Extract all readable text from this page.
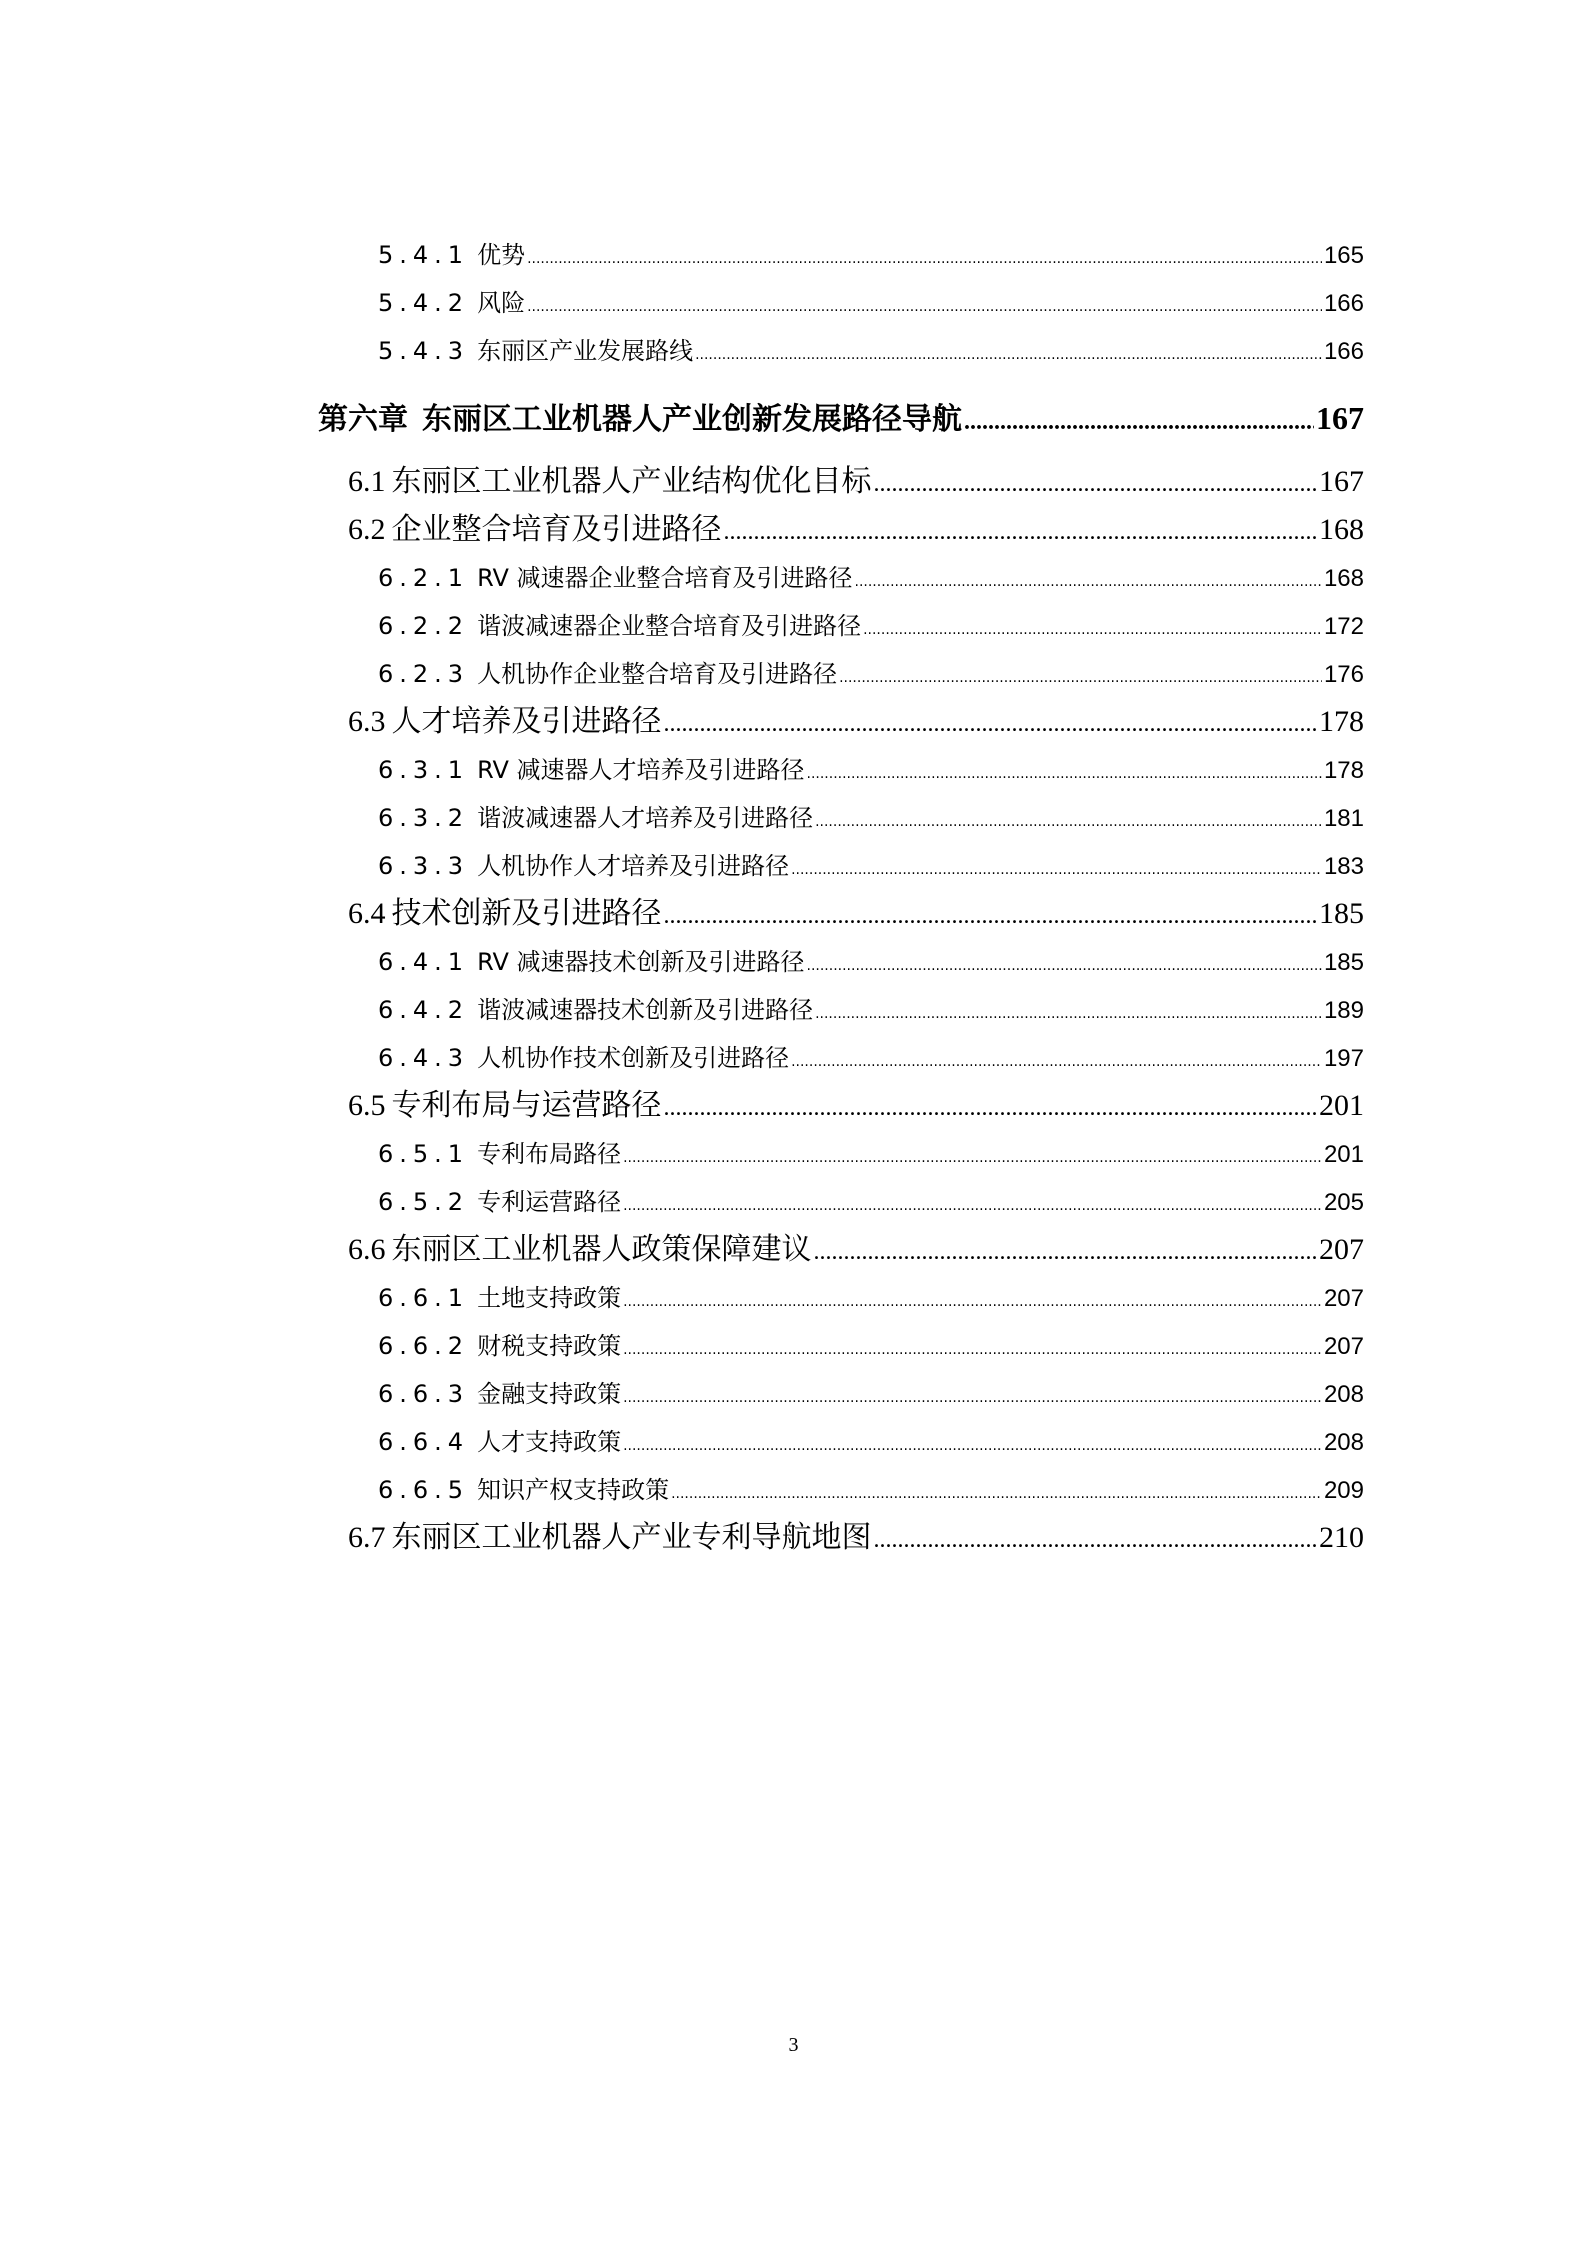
5.4.1 优势 .....	165
5.4.2 风险 .....	166
5.4.3 东丽区产业发展路线 .....	166
第六章 东丽区工业机器人产业创新发展路径导航 .....	167
6.1 东丽区工业机器人产业结构优化目标 .....	167
6.2 企业整合培育及引进路径 .....	168
6.2.1 RV 减速器企业整合培育及引进路径 .....	168
6.2.2 谐波减速器企业整合培育及引进路径 .....	172
6.2.3 人机协作企业整合培育及引进路径 .....	176
6.3 人才培养及引进路径 .....	178
6.3.1 RV 减速器人才培养及引进路径 .....	178
6.3.2 谐波减速器人才培养及引进路径 .....	181
6.3.3 人机协作人才培养及引进路径 .....	183
6.4 技术创新及引进路径 .....	185
6.4.1 RV 减速器技术创新及引进路径 .....	185
6.4.2 谐波减速器技术创新及引进路径 .....	189
6.4.3 人机协作技术创新及引进路径 .....	197
6.5 专利布局与运营路径 .....	201
6.5.1 专利布局路径 .....	201
6.5.2 专利运营路径 .....	205
6.6 东丽区工业机器人政策保障建议 .....	207
6.6.1 土地支持政策 .....	207
6.6.2 财税支持政策 .....	207
6.6.3 金融支持政策 .....	208
6.6.4 人才支持政策 .....	208
6.6.5 知识产权支持政策 .....	209
6.7 东丽区工业机器人产业专利导航地图 .....	210
3
